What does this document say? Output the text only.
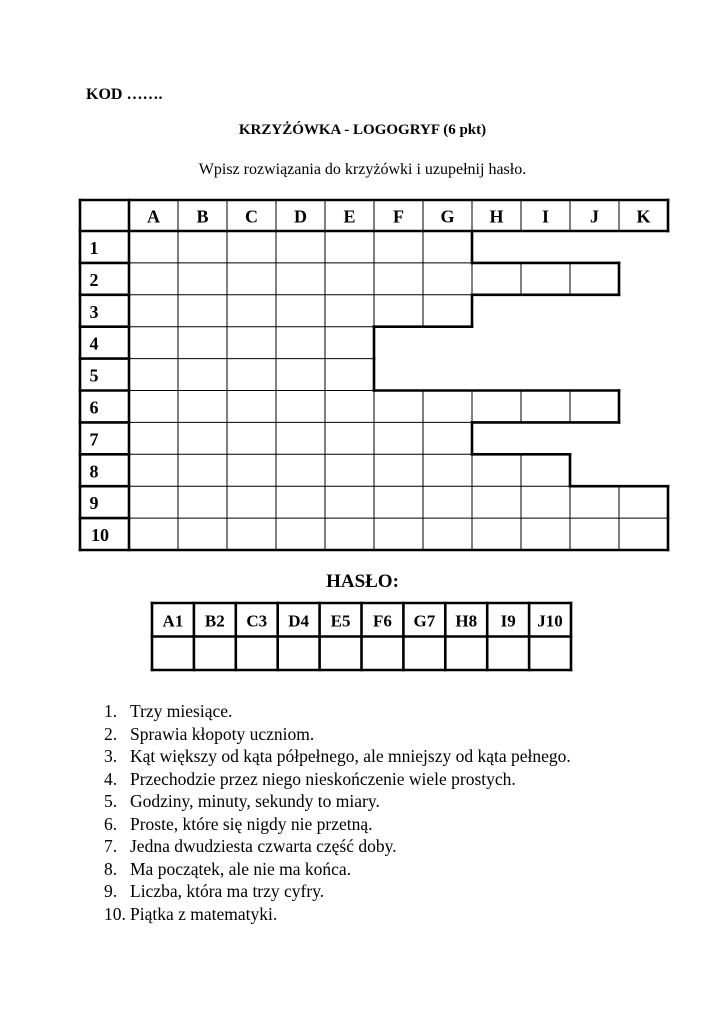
KOD …….
KRZYŻÓWKA - LOGOGRYF (6 pkt)
Wpisz rozwiązania do krzyżówki i uzupełnij hasło.
A B C D E F G H I J K
1
2
3
4
5
6
7
8
9
10
A1 B2 C3 D4 E5 F6 G7 H8 I9 J10
HASŁO:
1. Trzy miesiące.
2. Sprawia kłopoty uczniom.
3. Kąt większy od kąta półpełnego, ale mniejszy od kąta pełnego.
4. Przechodzie przez niego nieskończenie wiele prostych.
5. Godziny, minuty, sekundy to miary.
6. Proste, które się nigdy nie przetną.
7. Jedna dwudziesta czwarta część doby.
8. Ma początek, ale nie ma końca.
9. Liczba, która ma trzy cyfry.
10. Piątka z matematyki.
